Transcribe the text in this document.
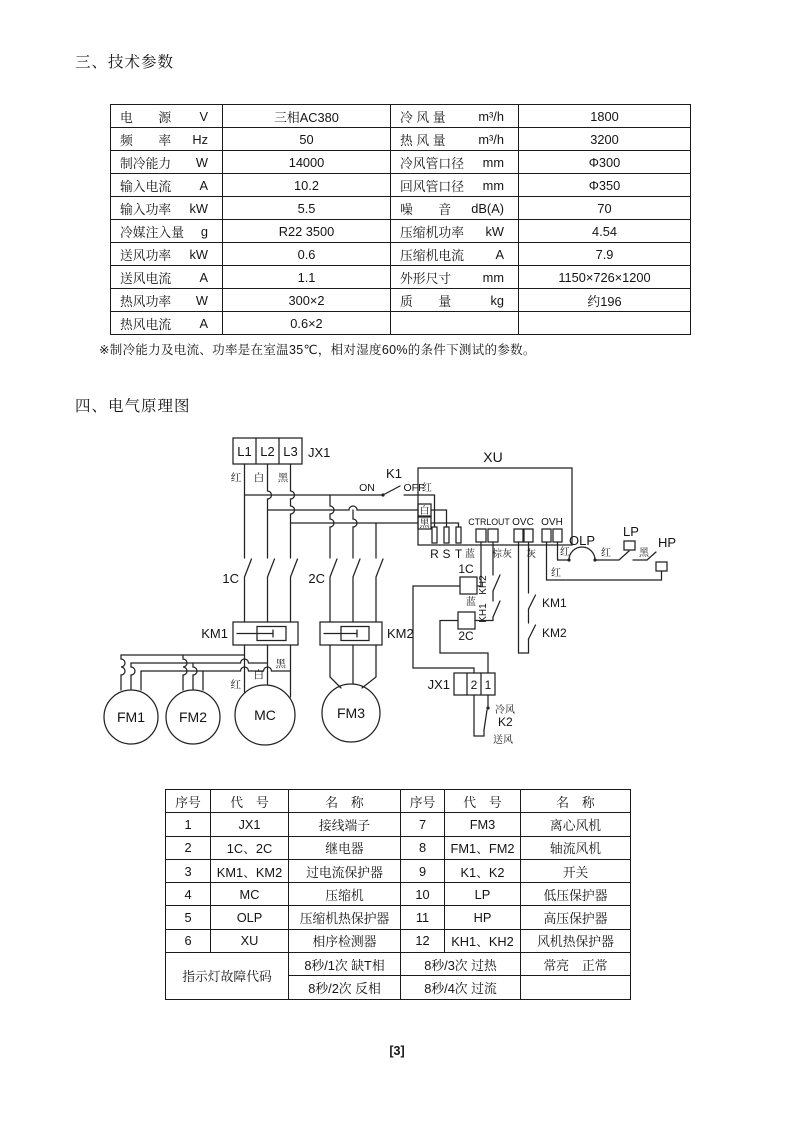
三、技术参数
电　　源 V	三相AC380	冷 风 量 m³/h	1800

频　　率 Hz	50	热 风 量 m³/h	3200

制冷能力 W	14000	冷风管口径 mm	Φ300

输入电流 A	10.2	回风管口径 mm	Φ350

输入功率 kW	5.5	噪　　音 dB(A)	70

冷媒注入量 g	R22 3500	压缩机功率 kW	4.54

送风功率 kW	0.6	压缩机电流 A	7.9

送风电流 A	1.1	外形尺寸 mm	1150×726×1200

热风功率 W	300×2	质　　量 kg	约196

热风电流 A	0.6×2	

※制冷能力及电流、功率是在室温35℃，相对湿度60%的条件下测试的参数。
四、电气原理图
L1 L2 L3 JX1
红 白 黑	K1
ON	OFF
1C	2C
KM1	KM2
红
白
黑
FM1 FM2	MC	FM3
XU
红
白
黑	CTRLOUT OVC OVH
R S T 蓝 棕灰 灰 红
1C
蓝
2C
KH2
KH1
KM1
KM2
OLP
LP
HP
红
红
黑
2 1
JX1
冷风
K2
送风
序号	代　号	名　称	序号	代　号	名　称
1	JX1	接线端子	7	FM3	离心风机
2	1C、2C	继电器	8	FM1、FM2	轴流风机
3	KM1、KM2	过电流保护器	9	K1、K2	开关
4	MC	压缩机	10	LP	低压保护器
5	OLP	压缩机热保护器	11	HP	高压保护器
6	XU	相序检测器	12	KH1、KH2	风机热保护器
指示灯故障代码		8秒/1次 缺T相	8秒/3次 过热		常亮　正常
		8秒/2次 反相	8秒/4次 过流		
[3]
